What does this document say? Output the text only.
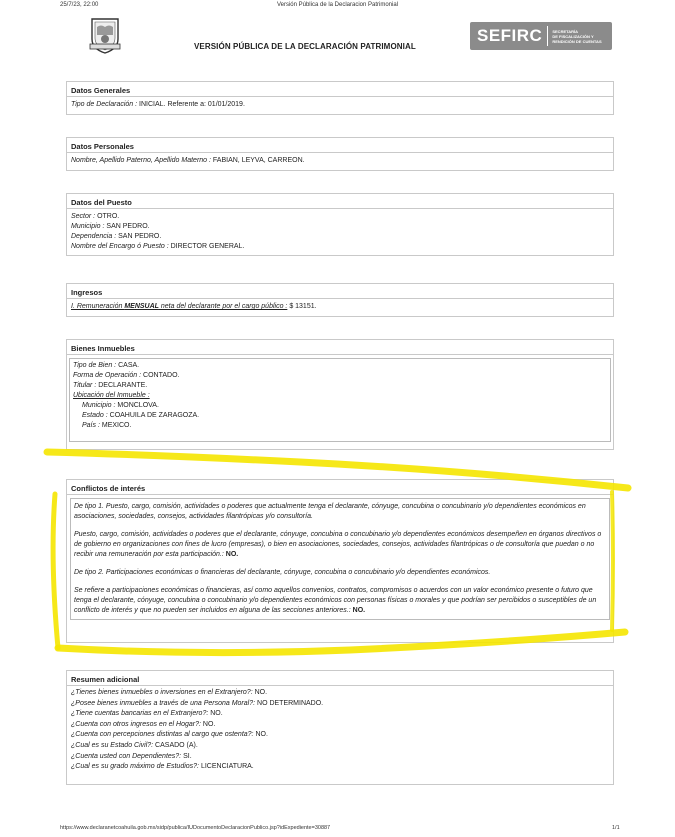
25/7/23, 22:00	Versión Pública de la Declaracion Patrimonial
VERSIÓN PÚBLICA DE LA DECLARACIÓN PATRIMONIAL
SEFIRC	SECRETARÍA
DE FISCALIZACIÓN Y
RENDICIÓN DE CUENTAS
Datos Generales
Tipo de Declaración : INICIAL. Referente a: 01/01/2019.
Datos Personales
Nombre, Apellido Paterno, Apellido Materno : FABIAN, LEYVA, CARREON.
Datos del Puesto
Sector : OTRO.
Municipio : SAN PEDRO.
Dependencia : SAN PEDRO.
Nombre del Encargo ó Puesto : DIRECTOR GENERAL.
Ingresos
I. Remuneración MENSUAL neta del declarante por el cargo público : $ 13151.
Bienes Inmuebles
Tipo de Bien : CASA.
Forma de Operación : CONTADO.
Titular : DECLARANTE.
Ubicación del Inmueble :
Municipio : MONCLOVA.
Estado : COAHUILA DE ZARAGOZA.
País : MEXICO.
Conflictos de interés
De tipo 1. Puesto, cargo, comisión, actividades o poderes que actualmente tenga el declarante, cónyuge, concubina o concubinario y/o dependientes económicos en asociaciones, sociedades, consejos, actividades filantrópicas y/o consultoría.
Puesto, cargo, comisión, actividades o poderes que el declarante, cónyuge, concubina o concubinario y/o dependientes económicos desempeñen en órganos directivos o de gobierno en organizaciones con fines de lucro (empresas), o bien en asociaciones, sociedades, consejos, actividades filantrópicas o de consultoría que puedan o no recibir una remuneración por esta participación.: NO.
De tipo 2. Participaciones económicas o financieras del declarante, cónyuge, concubina o concubinario y/o dependientes económicos.
Se refiere a participaciones económicas o financieras, así como aquellos convenios, contratos, compromisos o acuerdos con un valor económico presente o futuro que tenga el declarante, cónyuge, concubina o concubinario y/o dependientes económicos con personas físicas o morales y que podrían ser percibidos o susceptibles de un conflicto de interés y que no pueden ser incluidos en alguna de las secciones anteriores.: NO.
Resumen adicional
¿Tienes bienes inmuebles o inversiones en el Extranjero?: NO.
¿Posee bienes inmuebles a través de una Persona Moral?: NO DETERMINADO.
¿Tiene cuentas bancarias en el Extranjero?: NO.
¿Cuenta con otros ingresos en el Hogar?: NO.
¿Cuenta con percepciones distintas al cargo que ostenta?: NO.
¿Cual es su Estado Civil?: CASADO (A).
¿Cuenta usted con Dependientes?: SI.
¿Cual es su grado máximo de Estudios?: LICENCIATURA.
https://www.declaranetcoahuila.gob.mx/sidp/publica/IUDocumentoDeclaracionPublico.jsp?idExpediente=30887	1/1
